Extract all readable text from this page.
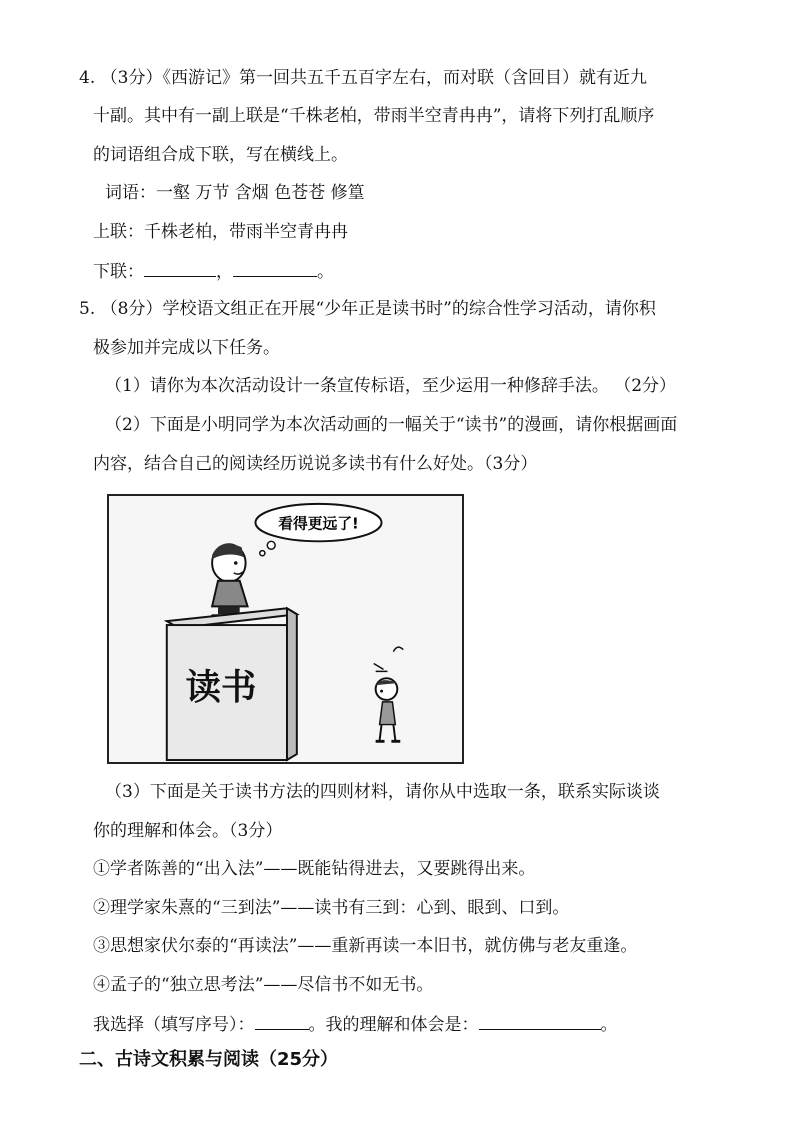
4. （3分）《西游记》第一回共五千五百字左右，而对联（含回目）就有近九
十副。其中有一副上联是“千株老柏，带雨半空青冉冉”，请将下列打乱顺序
的词语组合成下联，写在横线上。
词语：一壑 万节 含烟 色苍苍 修篁
上联：千株老柏，带雨半空青冉冉
下联：	，	。
5. （8分）学校语文组正在开展“少年正是读书时”的综合性学习活动，请你积
极参加并完成以下任务。
（1）请你为本次活动设计一条宣传标语，至少运用一种修辞手法。 （2分）
（2）下面是小明同学为本次活动画的一幅关于“读书”的漫画，请你根据画面
内容，结合自己的阅读经历说说多读书有什么好处。（3分）
看得更远了!
读书
（3）下面是关于读书方法的四则材料，请你从中选取一条，联系实际谈谈
你的理解和体会。（3分）
①学者陈善的“出入法”——既能钻得进去，又要跳得出来。
②理学家朱熹的“三到法”——读书有三到：心到、眼到、口到。
③思想家伏尔泰的“再读法”——重新再读一本旧书，就仿佛与老友重逢。
④孟子的“独立思考法”——尽信书不如无书。
我选择（填写序号）：	。我的理解和体会是：	。
二、古诗文积累与阅读（25分）
